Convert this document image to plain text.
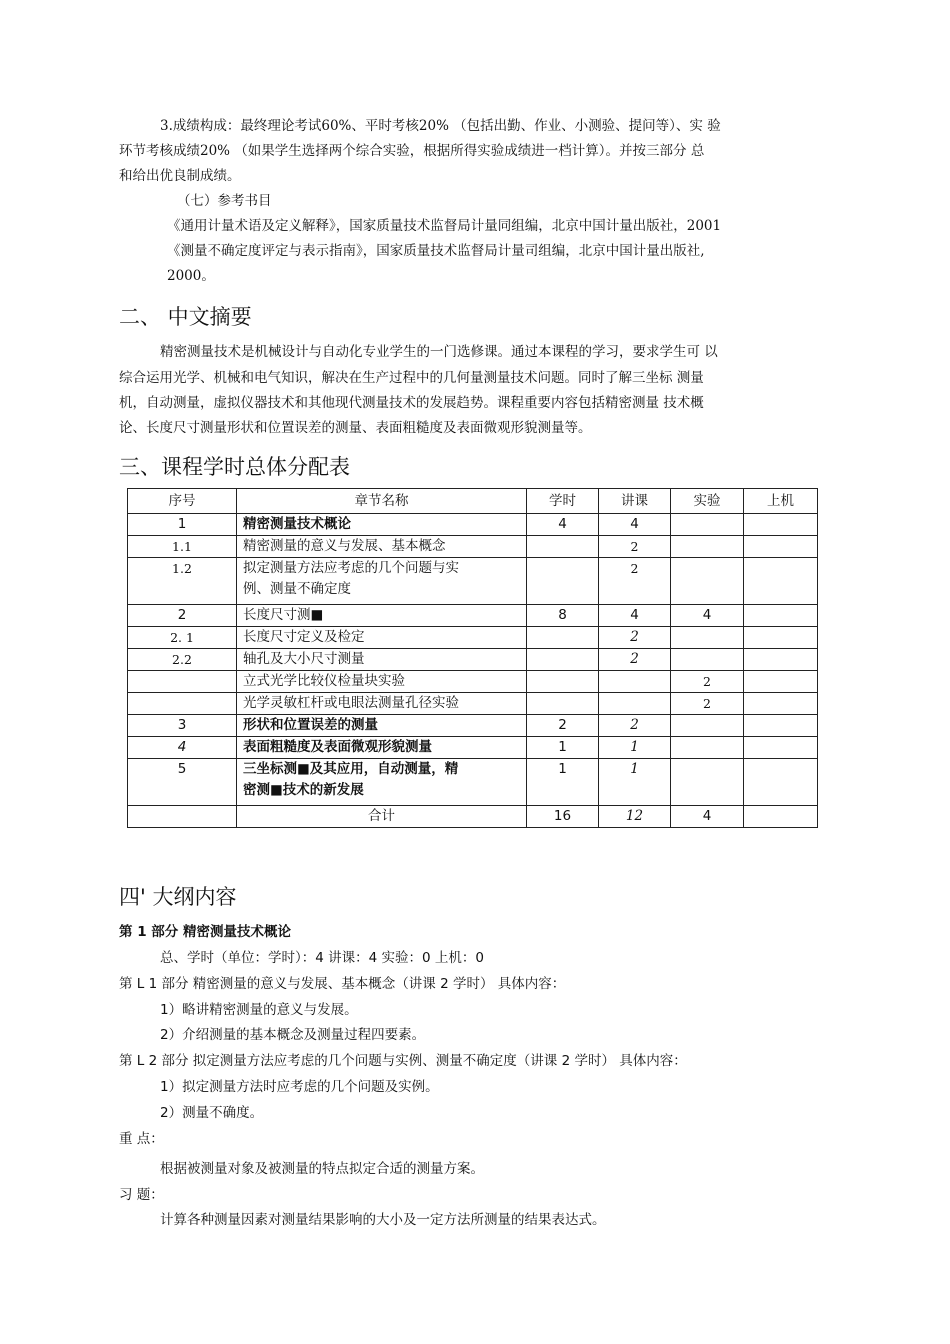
3.成绩构成：最终理论考试60%、平时考核20% （包括出勤、作业、小测验、提问等）、实 验
环节考核成绩20% （如果学生选择两个综合实验，根据所得实验成绩进一档计算）。并按三部分 总
和给出优良制成绩。
（七）参考书目
《通用计量术语及定义解释》，国家质量技术监督局计量同组编，北京中国计量出版社，2001
《测量不确定度评定与表示指南》，国家质量技术监督局计量司组编，北京中国计量出版社,
2000。
二、 中文摘要
精密测量技术是机械设计与自动化专业学生的一门选修课。通过本课程的学习，要求学生可 以
综合运用光学、机械和电气知识，解决在生产过程中的几何量测量技术问题。同时了解三坐标 测量
机，自动测量，虚拟仪器技术和其他现代测量技术的发展趋势。课程重要内容包括精密测量 技术概
论、长度尺寸测量形状和位置误差的测量、表面粗糙度及表面微观形貌测量等。
三、课程学时总体分配表
序号	章节名称	学时	讲课	实验	上机
1	精密测量技术概论	4	4		
1.1	精密测量的意义与发展、基本概念		2		
1.2	拟定测量方法应考虑的几个问题与实
例、测量不确定度		2		
2	长度尺寸测■	8	4	4	
2. 1	长度尺寸定义及检定		2		
2.2	轴孔及大小尺寸测量		2		
	立式光学比较仪检量块实验			2	
	光学灵敏杠杆或电眼法测量孔径实验			2	
3	形状和位置误差的测量	2	2		
4	表面粗糙度及表面微观形貌测量	1	1		
5	三坐标测■及其应用，自动测量，精
密测■技术的新发展	1	1		
	合计	16	12	4	
四' 大纲内容
第 1 部分 精密测量技术概论
总、学时（单位：学时）：4 讲课：4 实验：0 上机：0
第 L 1 部分 精密测量的意义与发展、基本概念（讲课 2 学时） 具体内容：
1）略讲精密测量的意义与发展。
2）介绍测量的基本概念及测量过程四要素。
第 L 2 部分 拟定测量方法应考虑的几个问题与实例、测量不确定度（讲课 2 学时） 具体内容：
1）拟定测量方法时应考虑的几个问题及实例。
2）测量不确度。
重 点：
根据被测量对象及被测量的特点拟定合适的测量方案。
习 题：
计算各种测量因素对测量结果影响的大小及一定方法所测量的结果表达式。
